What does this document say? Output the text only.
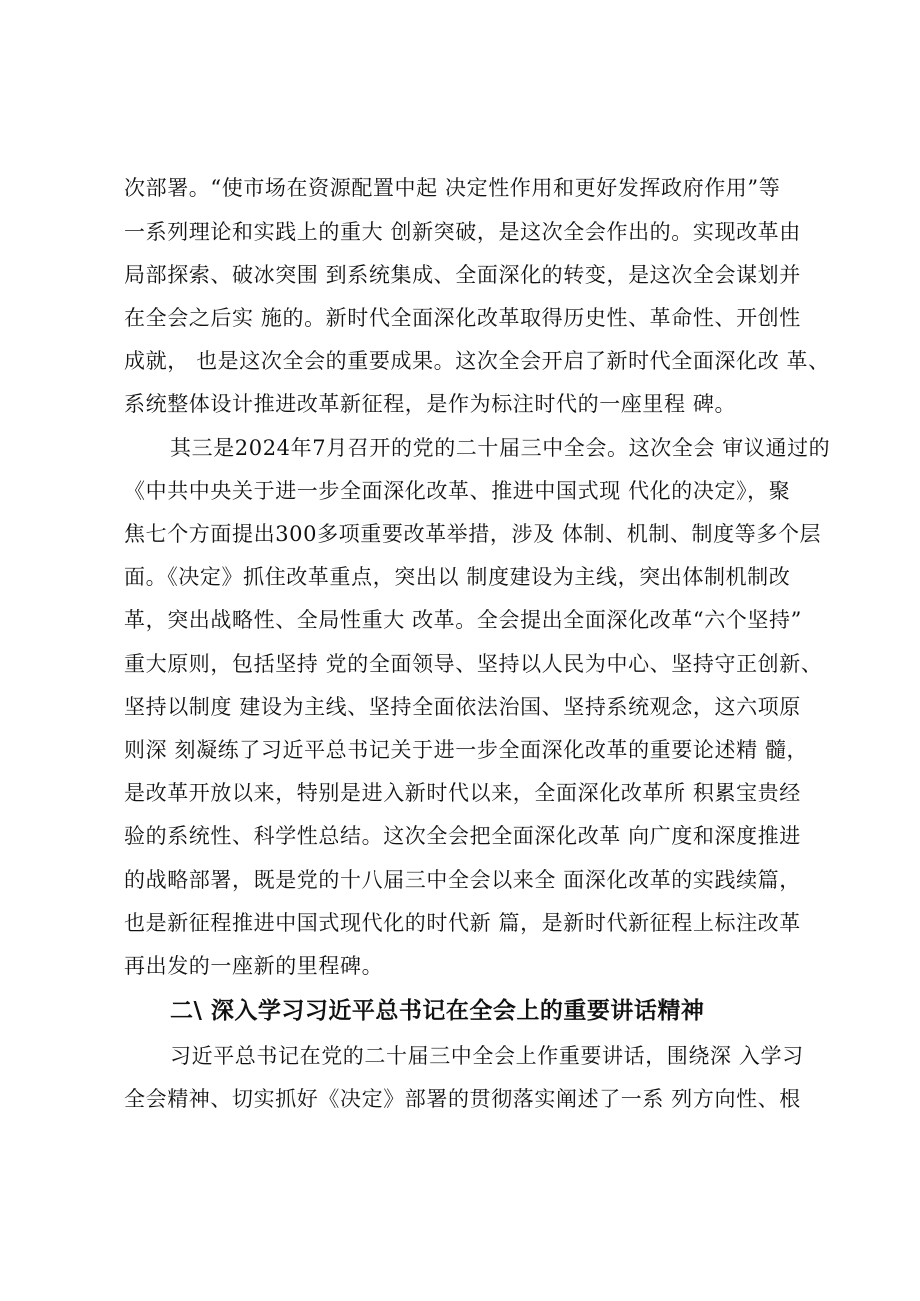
次部署。“使市场在资源配置中起 决定性作用和更好发挥政府作用”等
一系列理论和实践上的重大 创新突破，是这次全会作出的。实现改革由
局部探索、破冰突围 到系统集成、全面深化的转变，是这次全会谋划并
在全会之后实 施的。新时代全面深化改革取得历史性、革命性、开创性
成就， 也是这次全会的重要成果。这次全会开启了新时代全面深化改 革、
系统整体设计推进改革新征程，是作为标注时代的一座里程 碑。
其三是2024年7月召开的党的二十届三中全会。这次全会 审议通过的
《中共中央关于进一步全面深化改革、推进中国式现 代化的决定》，聚
焦七个方面提出300多项重要改革举措，涉及 体制、机制、制度等多个层
面。《决定》抓住改革重点，突出以 制度建设为主线，突出体制机制改
革，突出战略性、全局性重大 改革。全会提出全面深化改革“六个坚持”
重大原则，包括坚持 党的全面领导、坚持以人民为中心、坚持守正创新、
坚持以制度 建设为主线、坚持全面依法治国、坚持系统观念，这六项原
则深 刻凝练了习近平总书记关于进一步全面深化改革的重要论述精 髓，
是改革开放以来，特别是进入新时代以来，全面深化改革所 积累宝贵经
验的系统性、科学性总结。这次全会把全面深化改革 向广度和深度推进
的战略部署，既是党的十八届三中全会以来全 面深化改革的实践续篇，
也是新征程推进中国式现代化的时代新 篇，是新时代新征程上标注改革
再出发的一座新的里程碑。
二\ 深入学习习近平总书记在全会上的重要讲话精神
习近平总书记在党的二十届三中全会上作重要讲话，围绕深 入学习
全会精神、切实抓好《决定》部署的贯彻落实阐述了一系 列方向性、根
